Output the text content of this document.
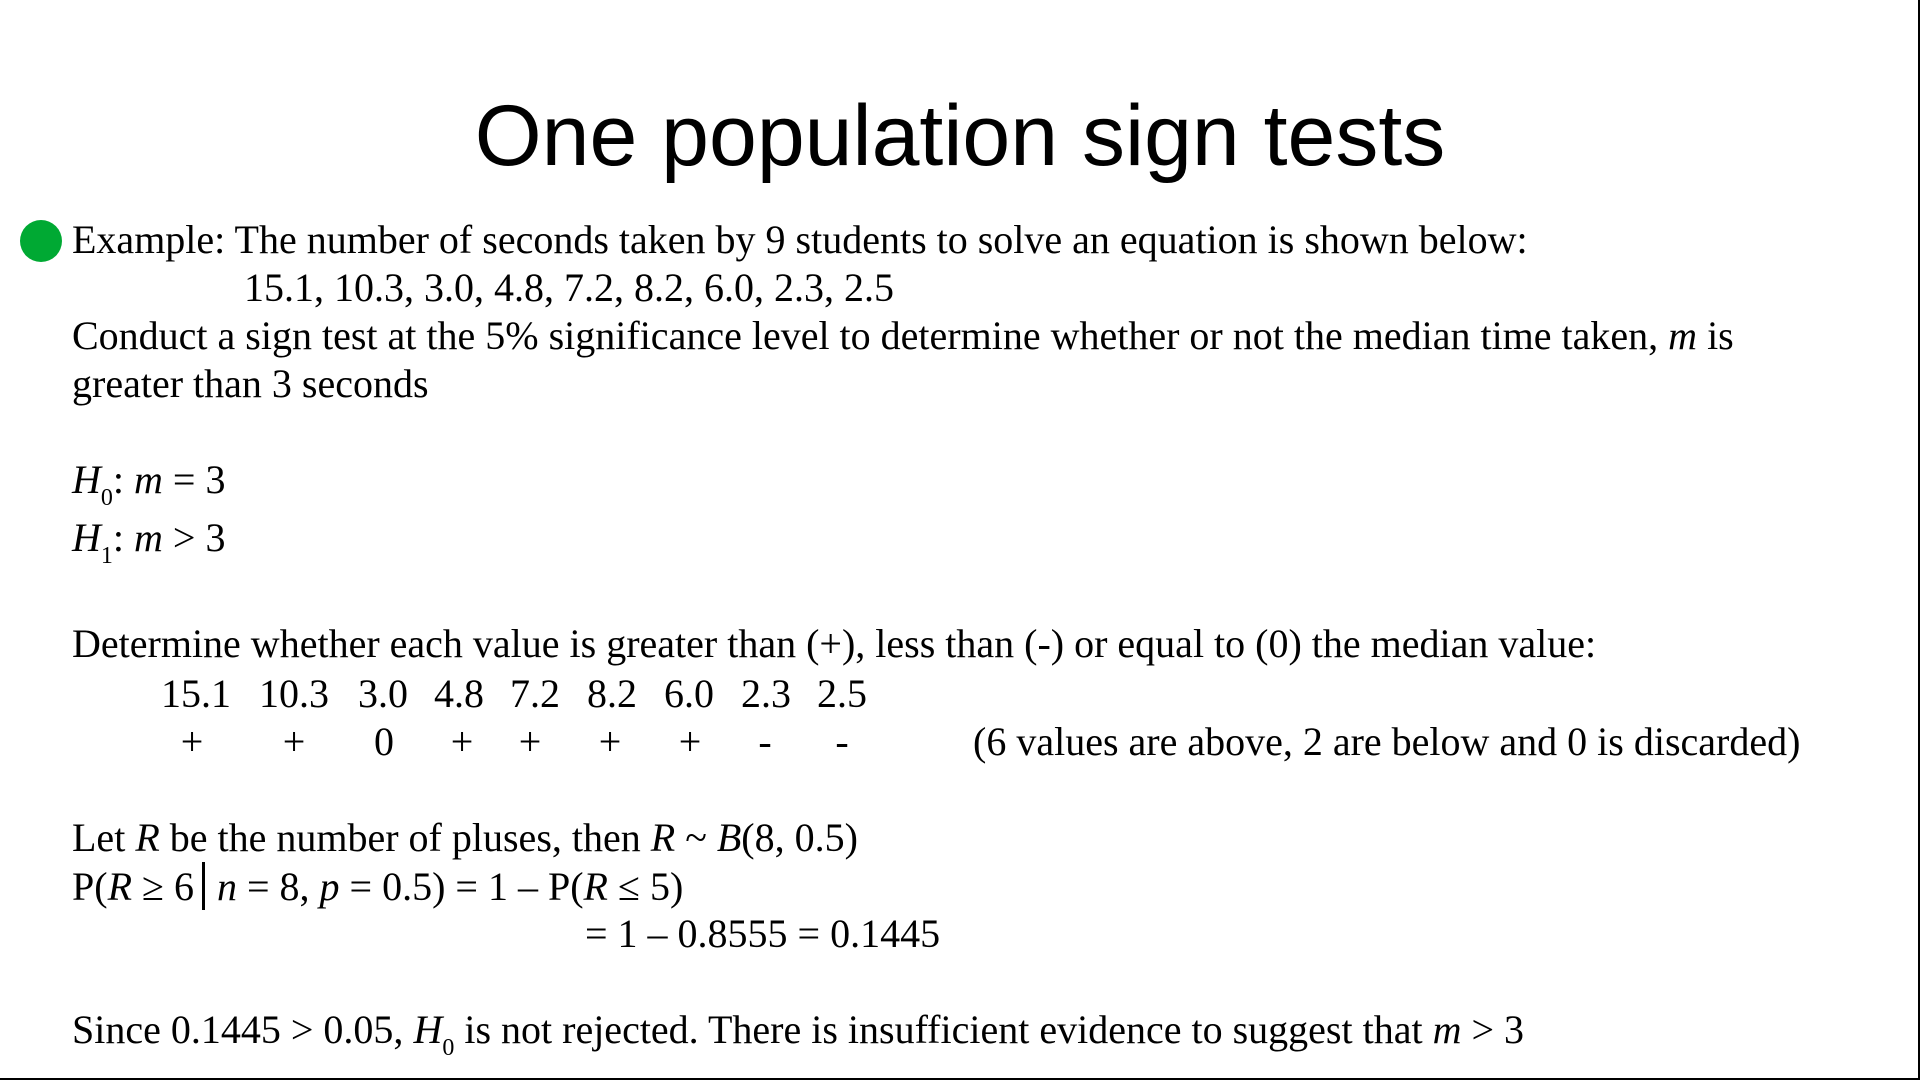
One population sign tests
Example: The number of seconds taken by 9 students to solve an equation is shown below:
15.1, 10.3, 3.0, 4.8, 7.2, 8.2, 6.0, 2.3, 2.5
Conduct a sign test at the 5% significance level to determine whether or not the median time taken, m is
greater than 3 seconds
$H_0$: m = 3
$H_1$: m > 3
Determine whether each value is greater than (+), less than (-) or equal to (0) the median value:
15.1 10.3 3.0 4.8 7.2 8.2 6.0 2.3 2.5
+ + 0 + + + + - -	(6 values are above, 2 are below and 0 is discarded)
Let R be the number of pluses, then R ~ B(8, 0.5)
P(R ≥ 6 n = 8, p = 0.5) = 1 – P(R ≤ 5)
= 1 – 0.8555 = 0.1445
Since 0.1445 > 0.05, $H_0$ is not rejected. There is insufficient evidence to suggest that m > 3
